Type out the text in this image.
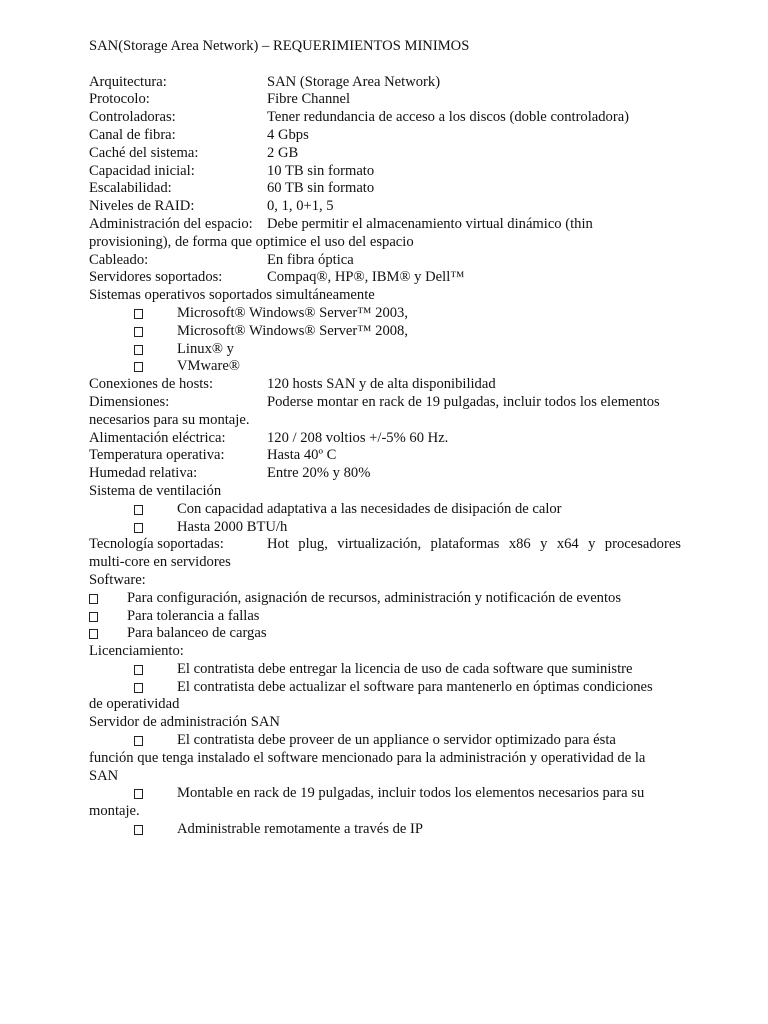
SAN(Storage Area Network) – REQUERIMIENTOS MINIMOS
Arquitectura:	SAN (Storage Area Network)
Protocolo:	Fibre Channel
Controladoras:	Tener redundancia de acceso a los discos (doble controladora)
Canal de fibra:	4 Gbps
Caché del sistema:	2 GB
Capacidad inicial:	10 TB sin formato
Escalabilidad:	60 TB sin formato
Niveles de RAID:	0, 1, 0+1, 5
Administración del espacio: Debe permitir el almacenamiento virtual dinámico (thin
provisioning), de forma que optimice el uso del espacio
Cableado:	En fibra óptica
Servidores soportados:	Compaq®, HP®, IBM® y Dell™
Sistemas operativos soportados simultáneamente
Microsoft® Windows® Server™ 2003,
Microsoft® Windows® Server™ 2008,
Linux® y
VMware®
Conexiones de hosts:	120 hosts SAN y de alta disponibilidad
Dimensiones:	Poderse montar en rack de 19 pulgadas, incluir todos los elementos
necesarios para su montaje.
Alimentación eléctrica:	120 / 208 voltios +/-5% 60 Hz.
Temperatura operativa:	Hasta 40º C
Humedad relativa:	Entre 20% y 80%
Sistema de ventilación
Con capacidad adaptativa a las necesidades de disipación de calor
Hasta 2000 BTU/h
Tecnología soportadas:	Hot plug, virtualización, plataformas x86 y x64 y procesadores
multi-core en servidores
Software:
Para configuración, asignación de recursos, administración y notificación de eventos
Para tolerancia a fallas
Para balanceo de cargas
Licenciamiento:
El contratista debe entregar la licencia de uso de cada software que suministre
El contratista debe actualizar el software para mantenerlo en óptimas condiciones
de operatividad
Servidor de administración SAN
El contratista debe proveer de un appliance o servidor optimizado para ésta
función que tenga instalado el software mencionado para la administración y operatividad de la
SAN
Montable en rack de 19 pulgadas, incluir todos los elementos necesarios para su
montaje.
Administrable remotamente a través de IP
